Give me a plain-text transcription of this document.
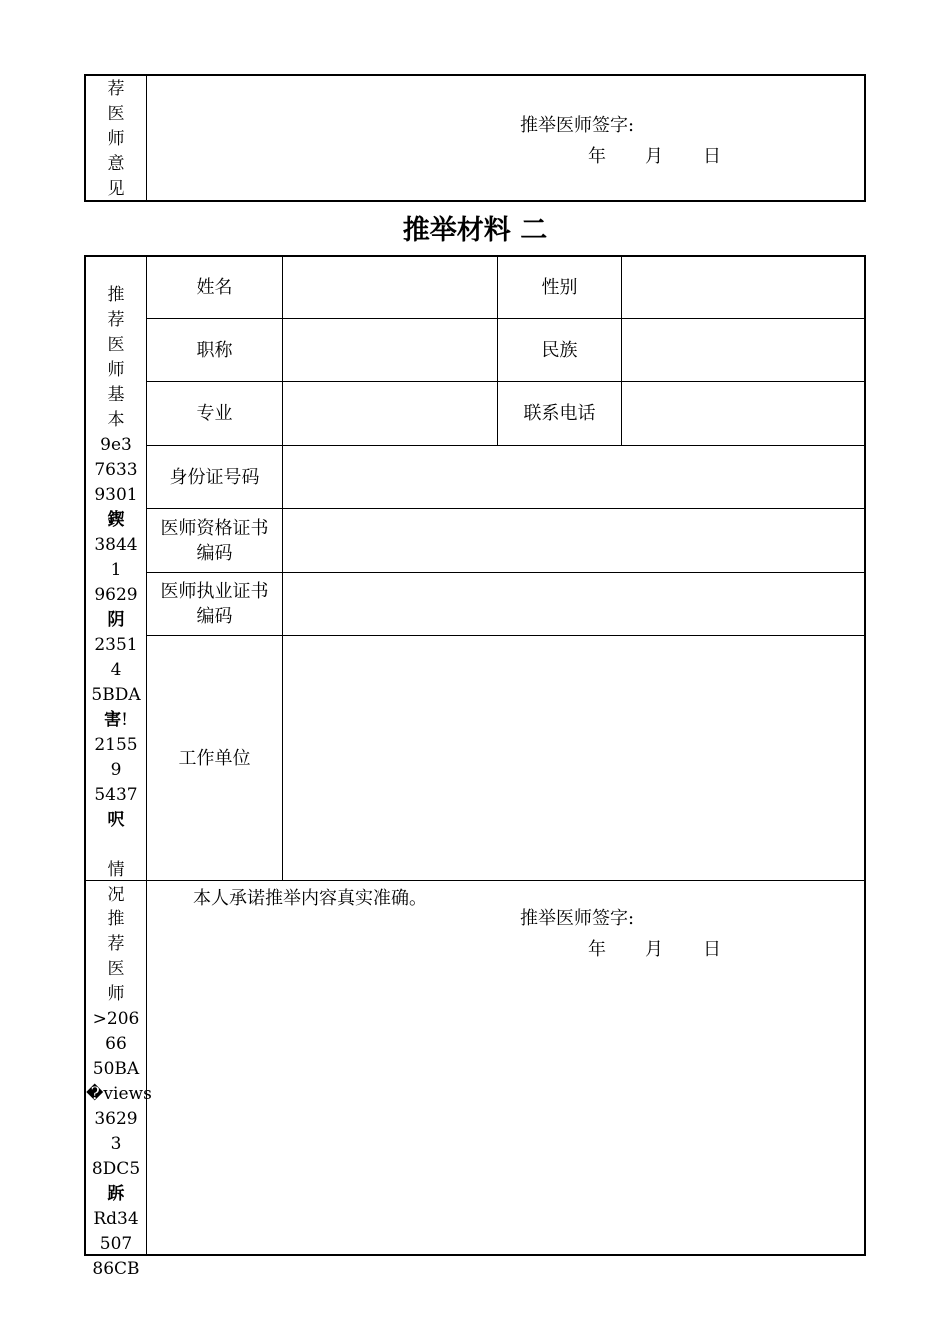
荐
医
师
意
见
推举医师签字:
年 月 日
推举材料 二

推
荐
医
师
基
本
9e3
7633
9301
鍥
3844
1
9629
阴
2351
4
5BDA
害!
2155
9
5437
呎

情
况

姓名	性别
职称	民族
专业	联系电话
身份证号码
医师资格证书
编码
医师执业证书
编码
工作单位

推
荐
医
师
>206
66
50BA
�views
3629
3
8DC5
跅
Rd34
507
86CB

本人承诺推举内容真实准确。
推举医师签字:
年 月 日
